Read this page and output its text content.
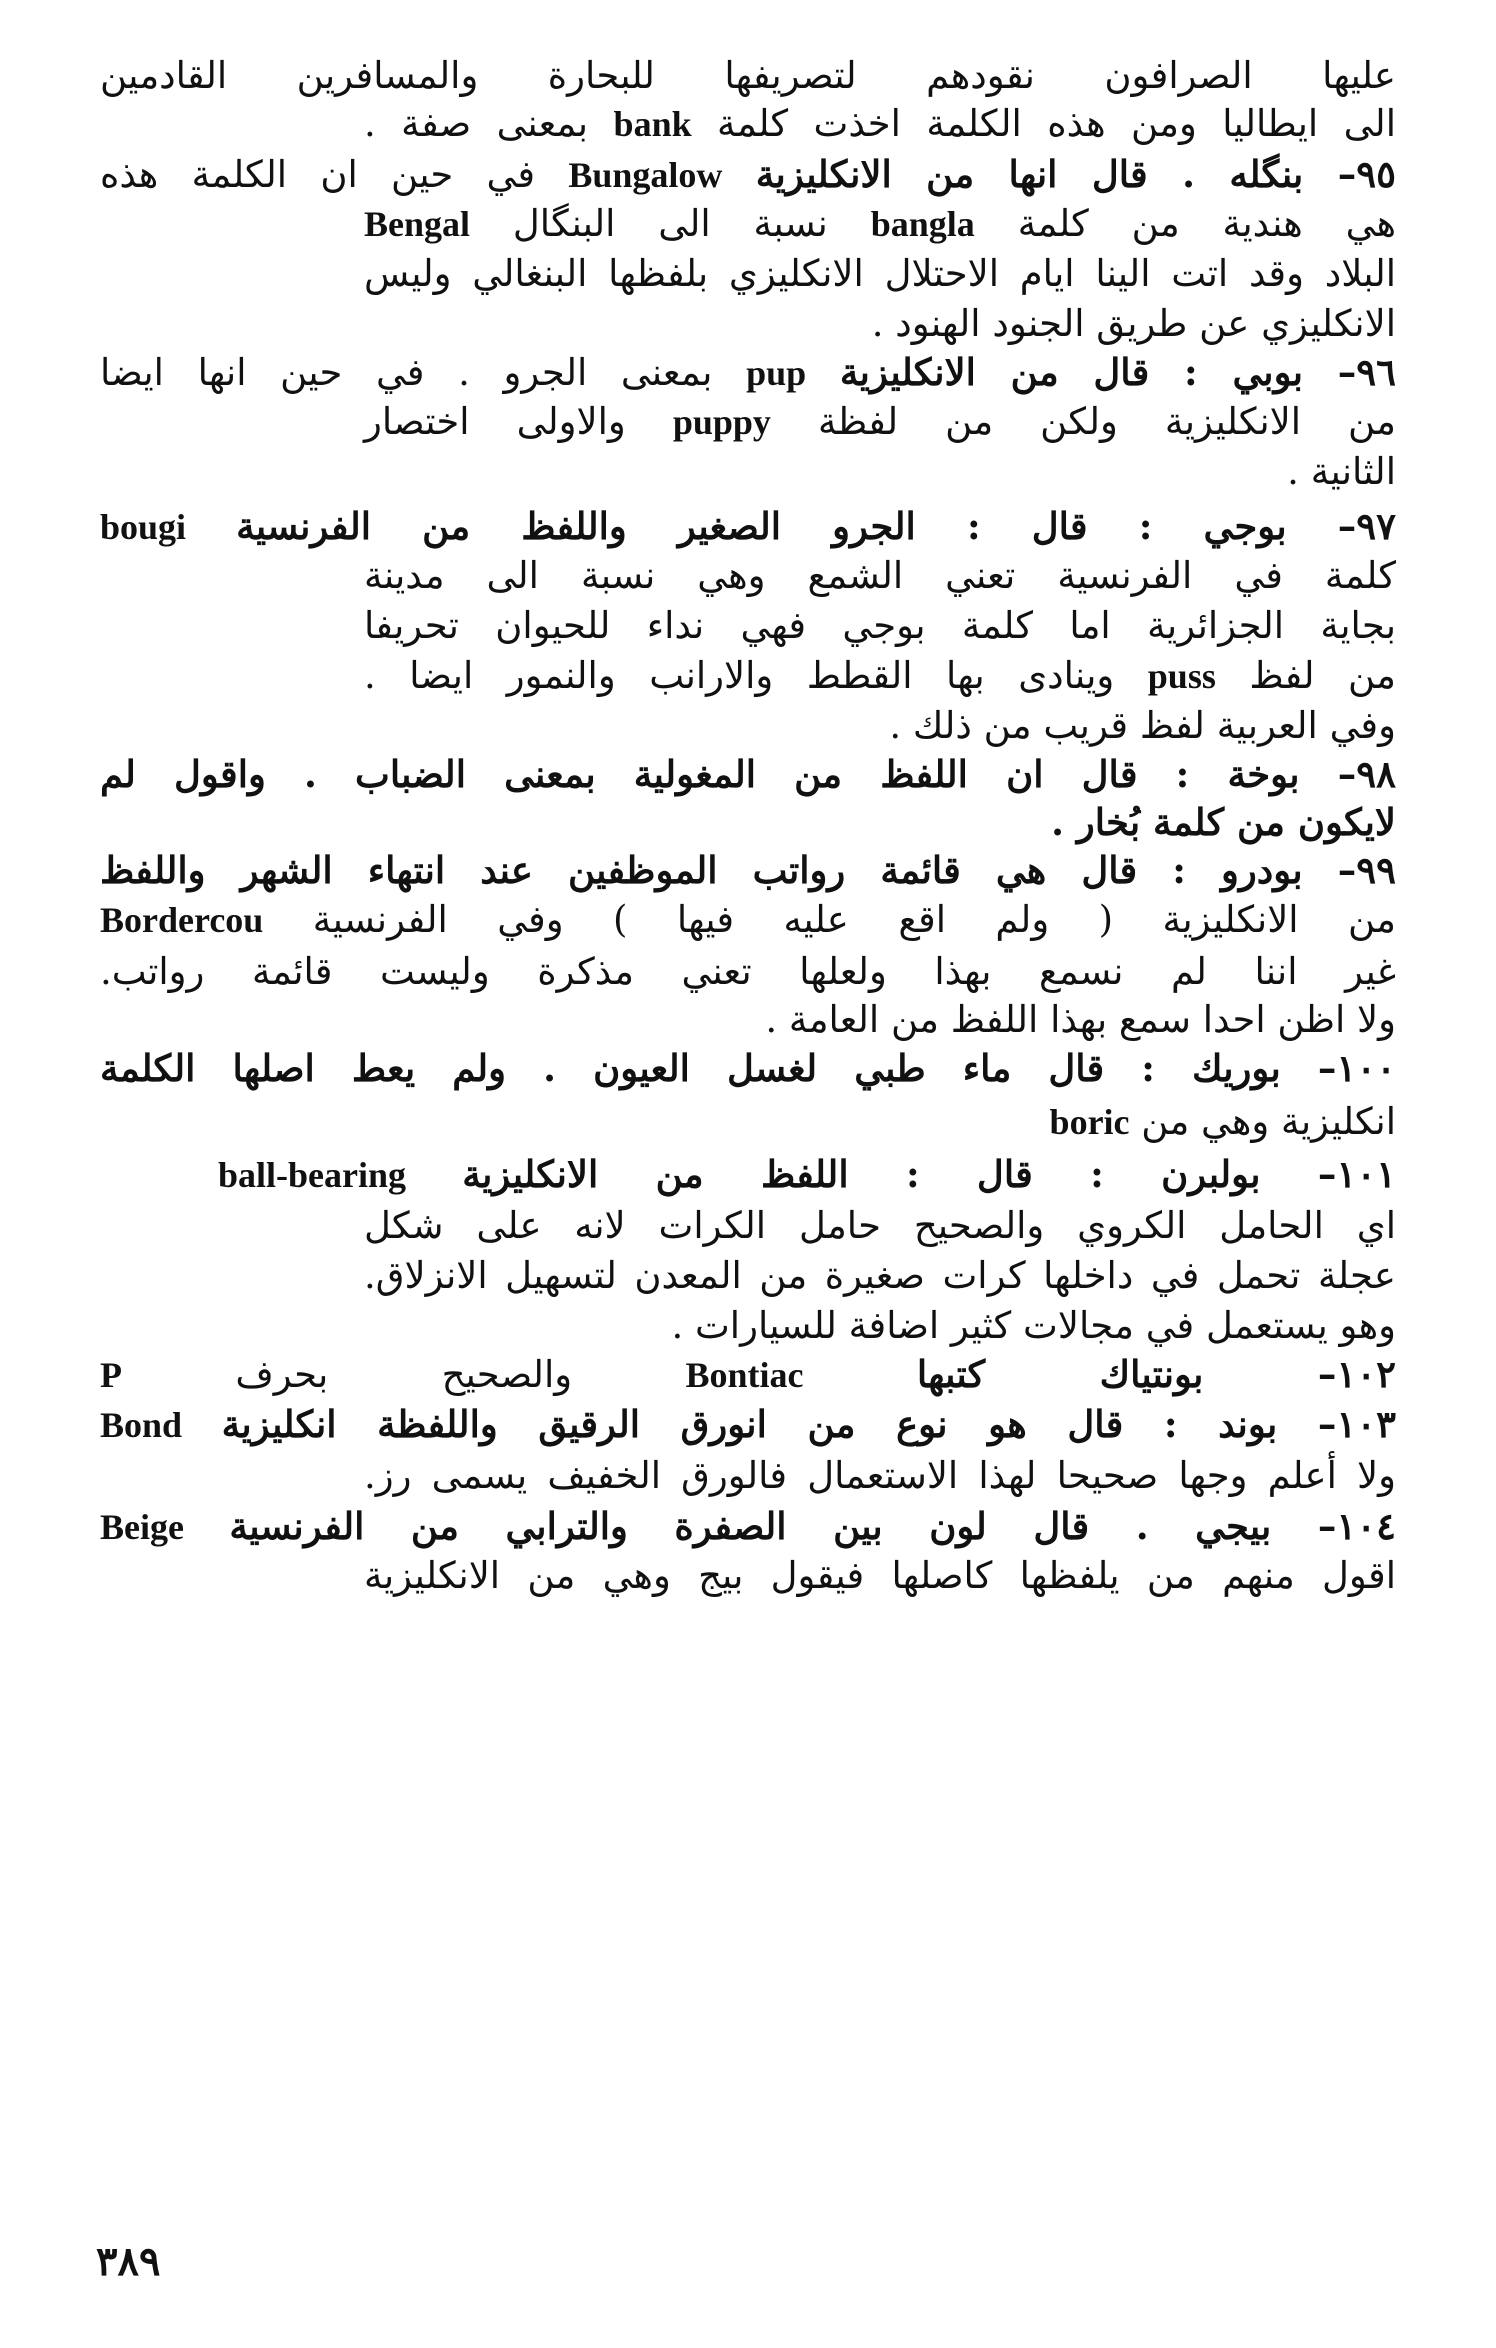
عليها الصرافون نقودهم لتصريفها للبحارة والمسافرين القادمين
الى ايطاليا ومن هذه الكلمة اخذت كلمة bank بمعنى صفة .
٩٥– بنگله . قال انها من الانكليزية Bungalow في حين ان الكلمة هذه
هي هندية من كلمة bangla نسبة الى البنگال Bengal
البلاد وقد اتت الينا ايام الاحتلال الانكليزي بلفظها البنغالي وليس
الانكليزي عن طريق الجنود الهنود .
٩٦– بوبي : قال من الانكليزية pup بمعنى الجرو . في حين انها ايضا
من الانكليزية ولكن من لفظة puppy والاولى اختصار
الثانية .
٩٧– بوجي : قال : الجرو الصغير واللفظ من الفرنسية bougi
كلمة في الفرنسية تعني الشمع وهي نسبة الى مدينة
بجاية الجزائرية اما كلمة بوجي فهي نداء للحيوان تحريفا
من لفظ puss وينادى بها القطط والارانب والنمور ايضا .
وفي العربية لفظ قريب من ذلك .
٩٨– بوخة : قال ان اللفظ من المغولية بمعنى الضباب . واقول لم
لايكون من كلمة بُخار .
٩٩– بودرو : قال هي قائمة رواتب الموظفين عند انتهاء الشهر واللفظ
من الانكليزية ( ولم اقع عليه فيها ) وفي الفرنسية Bordercou
غير اننا لم نسمع بهذا ولعلها تعني مذكرة وليست قائمة رواتب.
ولا اظن احدا سمع بهذا اللفظ من العامة .
١٠٠– بوريك : قال ماء طبي لغسل العيون . ولم يعط اصلها الكلمة
انكليزية وهي من boric
١٠١– بولبرن : قال : اللفظ من الانكليزية ball-bearing
اي الحامل الكروي والصحيح حامل الكرات لانه على شكل
عجلة تحمل في داخلها كرات صغيرة من المعدن لتسهيل الانزلاق.
وهو يستعمل في مجالات كثير اضافة للسيارات .
١٠٢– بونتياك كتبها Bontiac والصحيح بحرف P
١٠٣– بوند : قال هو نوع من انورق الرقيق واللفظة انكليزية Bond
ولا أعلم وجها صحيحا لهذا الاستعمال فالورق الخفيف يسمى رز.
١٠٤– بيجي . قال لون بين الصفرة والترابي من الفرنسية Beige
اقول منهم من يلفظها كاصلها فيقول بيج وهي من الانكليزية
٣٨٩
